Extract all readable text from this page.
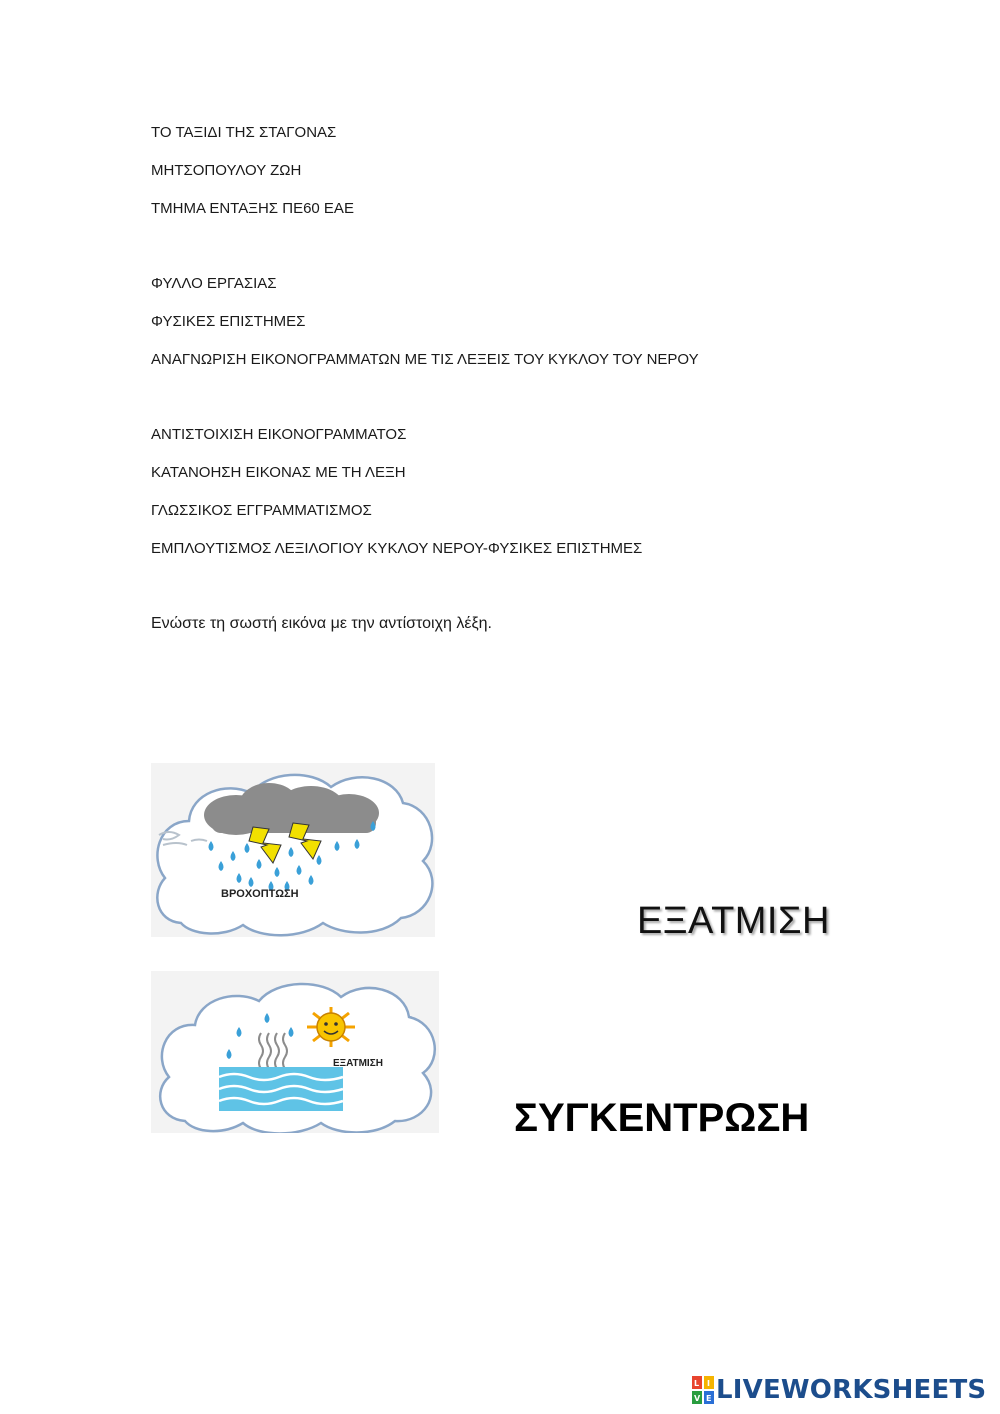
ΤΟ ΤΑΞΙΔΙ ΤΗΣ ΣΤΑΓΟΝΑΣ
ΜΗΤΣΟΠΟΥΛΟΥ ΖΩΗ
ΤΜΗΜΑ ΕΝΤΑΞΗΣ ΠΕ60 ΕΑΕ
ΦΥΛΛΟ ΕΡΓΑΣΙΑΣ
ΦΥΣΙΚΕΣ ΕΠΙΣΤΗΜΕΣ
ΑΝΑΓΝΩΡΙΣΗ ΕΙΚΟΝΟΓΡΑΜΜΑΤΩΝ ΜΕ ΤΙΣ ΛΕΞΕΙΣ ΤΟΥ ΚΥΚΛΟΥ ΤΟΥ ΝΕΡΟΥ
ΑΝΤΙΣΤΟΙΧΙΣΗ ΕΙΚΟΝΟΓΡΑΜΜΑΤΟΣ
ΚΑΤΑΝΟΗΣΗ ΕΙΚΟΝΑΣ ΜΕ ΤΗ ΛΕΞΗ
ΓΛΩΣΣΙΚΟΣ ΕΓΓΡΑΜΜΑΤΙΣΜΟΣ
ΕΜΠΛΟΥΤΙΣΜΟΣ ΛΕΞΙΛΟΓΙΟΥ ΚΥΚΛΟΥ ΝΕΡΟΥ-ΦΥΣΙΚΕΣ ΕΠΙΣΤΗΜΕΣ
Ενώστε τη σωστή εικόνα με την αντίστοιχη λέξη.
ΒΡΟΧΟΠΤΩΣΗ
ΕΞΑΤΜΙΣΗ
ΕΞΑΤΜΙΣΗ
ΣΥΓΚΕΝΤΡΩΣΗ
L I
V E LIVEWORKSHEETS
